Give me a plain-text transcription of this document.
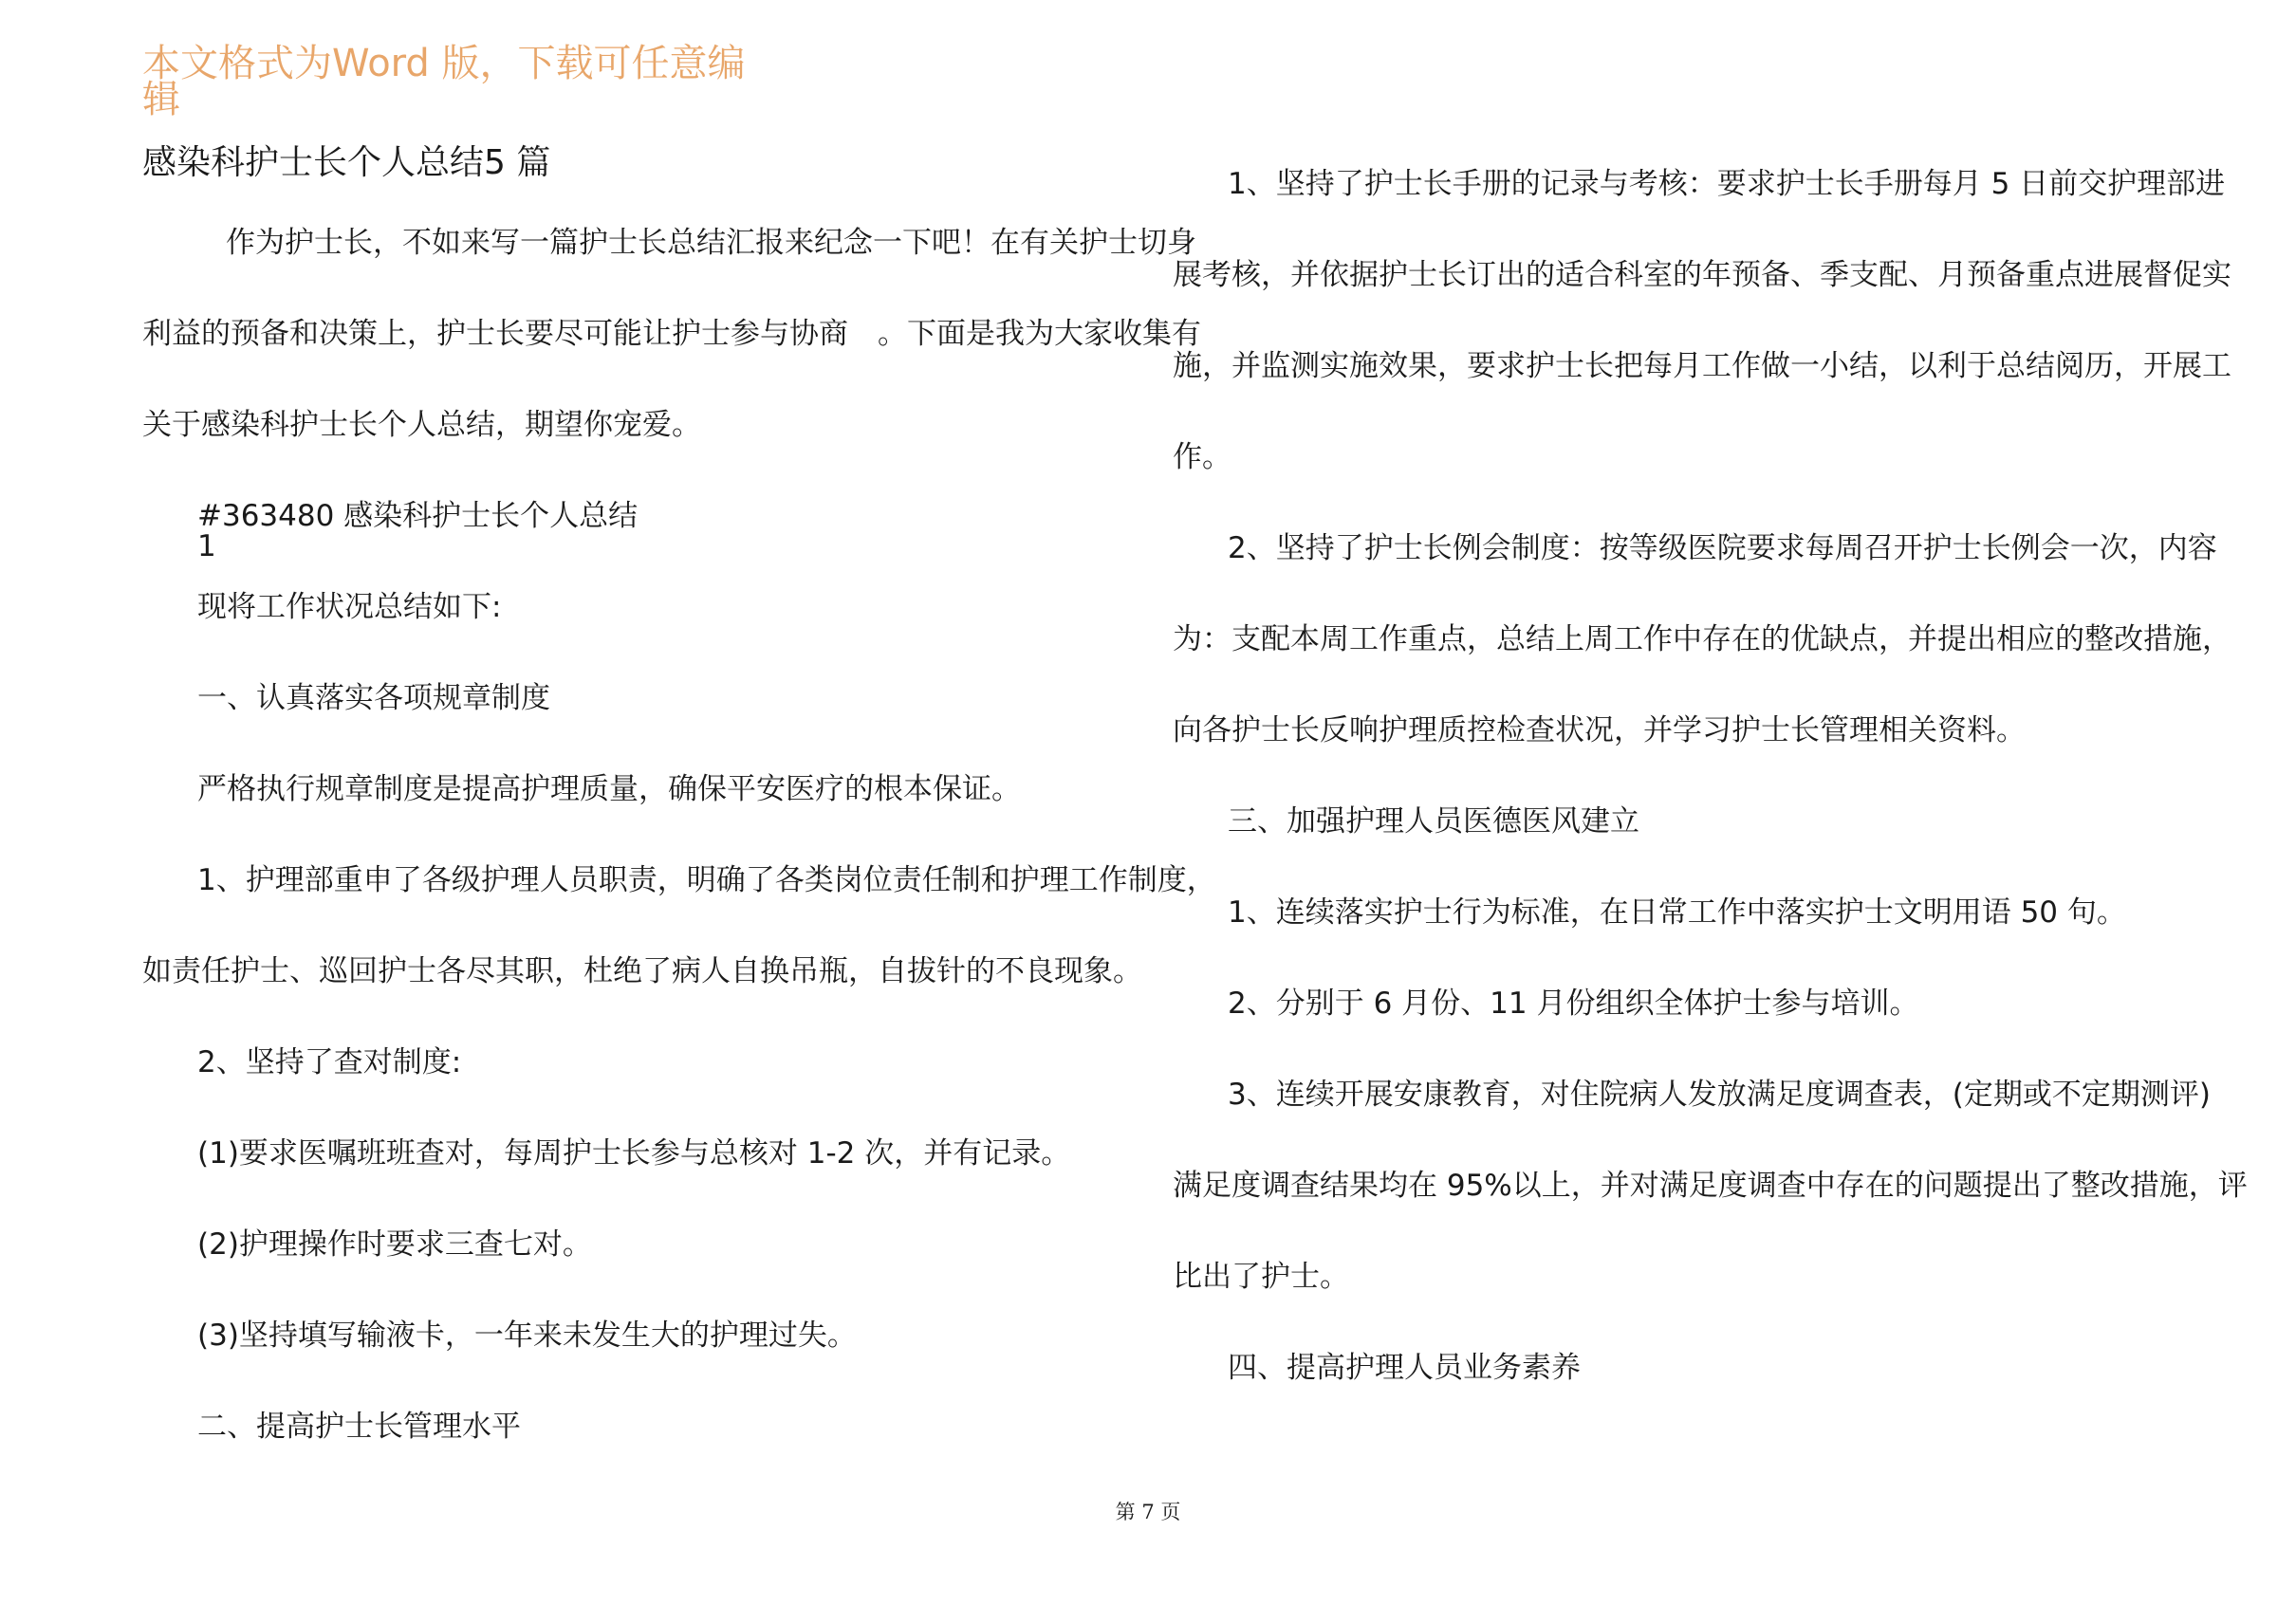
本文格式为Word 版，下载可任意编
辑
感染科护士长个人总结5 篇
作为护士长，不如来写一篇护士长总结汇报来纪念一下吧！在有关护士切身
利益的预备和决策上，护士长要尽可能让护士参与协商　。下面是我为大家收集有
关于感染科护士长个人总结，期望你宠爱。
#363480 感染科护士长个人总结
1
现将工作状况总结如下:
一、认真落实各项规章制度
严格执行规章制度是提高护理质量，确保平安医疗的根本保证。
1、护理部重申了各级护理人员职责，明确了各类岗位责任制和护理工作制度，
如责任护士、巡回护士各尽其职，杜绝了病人自换吊瓶，自拔针的不良现象。
2、坚持了查对制度:
(1)要求医嘱班班查对，每周护士长参与总核对 1-2 次，并有记录。
(2)护理操作时要求三查七对。
(3)坚持填写输液卡，一年来未发生大的护理过失。
二、提高护士长管理水平
1、坚持了护士长手册的记录与考核：要求护士长手册每月 5 日前交护理部进
展考核，并依据护士长订出的适合科室的年预备、季支配、月预备重点进展督促实
施，并监测实施效果，要求护士长把每月工作做一小结，以利于总结阅历，开展工
作。
2、坚持了护士长例会制度：按等级医院要求每周召开护士长例会一次，内容
为：支配本周工作重点，总结上周工作中存在的优缺点，并提出相应的整改措施，
向各护士长反响护理质控检查状况，并学习护士长管理相关资料。
三、加强护理人员医德医风建立
1、连续落实护士行为标准，在日常工作中落实护士文明用语 50 句。
2、分别于 6 月份、11 月份组织全体护士参与培训。
3、连续开展安康教育，对住院病人发放满足度调查表，(定期或不定期测评)
满足度调查结果均在 95%以上，并对满足度调查中存在的问题提出了整改措施，评
比出了护士。
四、提高护理人员业务素养
第 7 页
